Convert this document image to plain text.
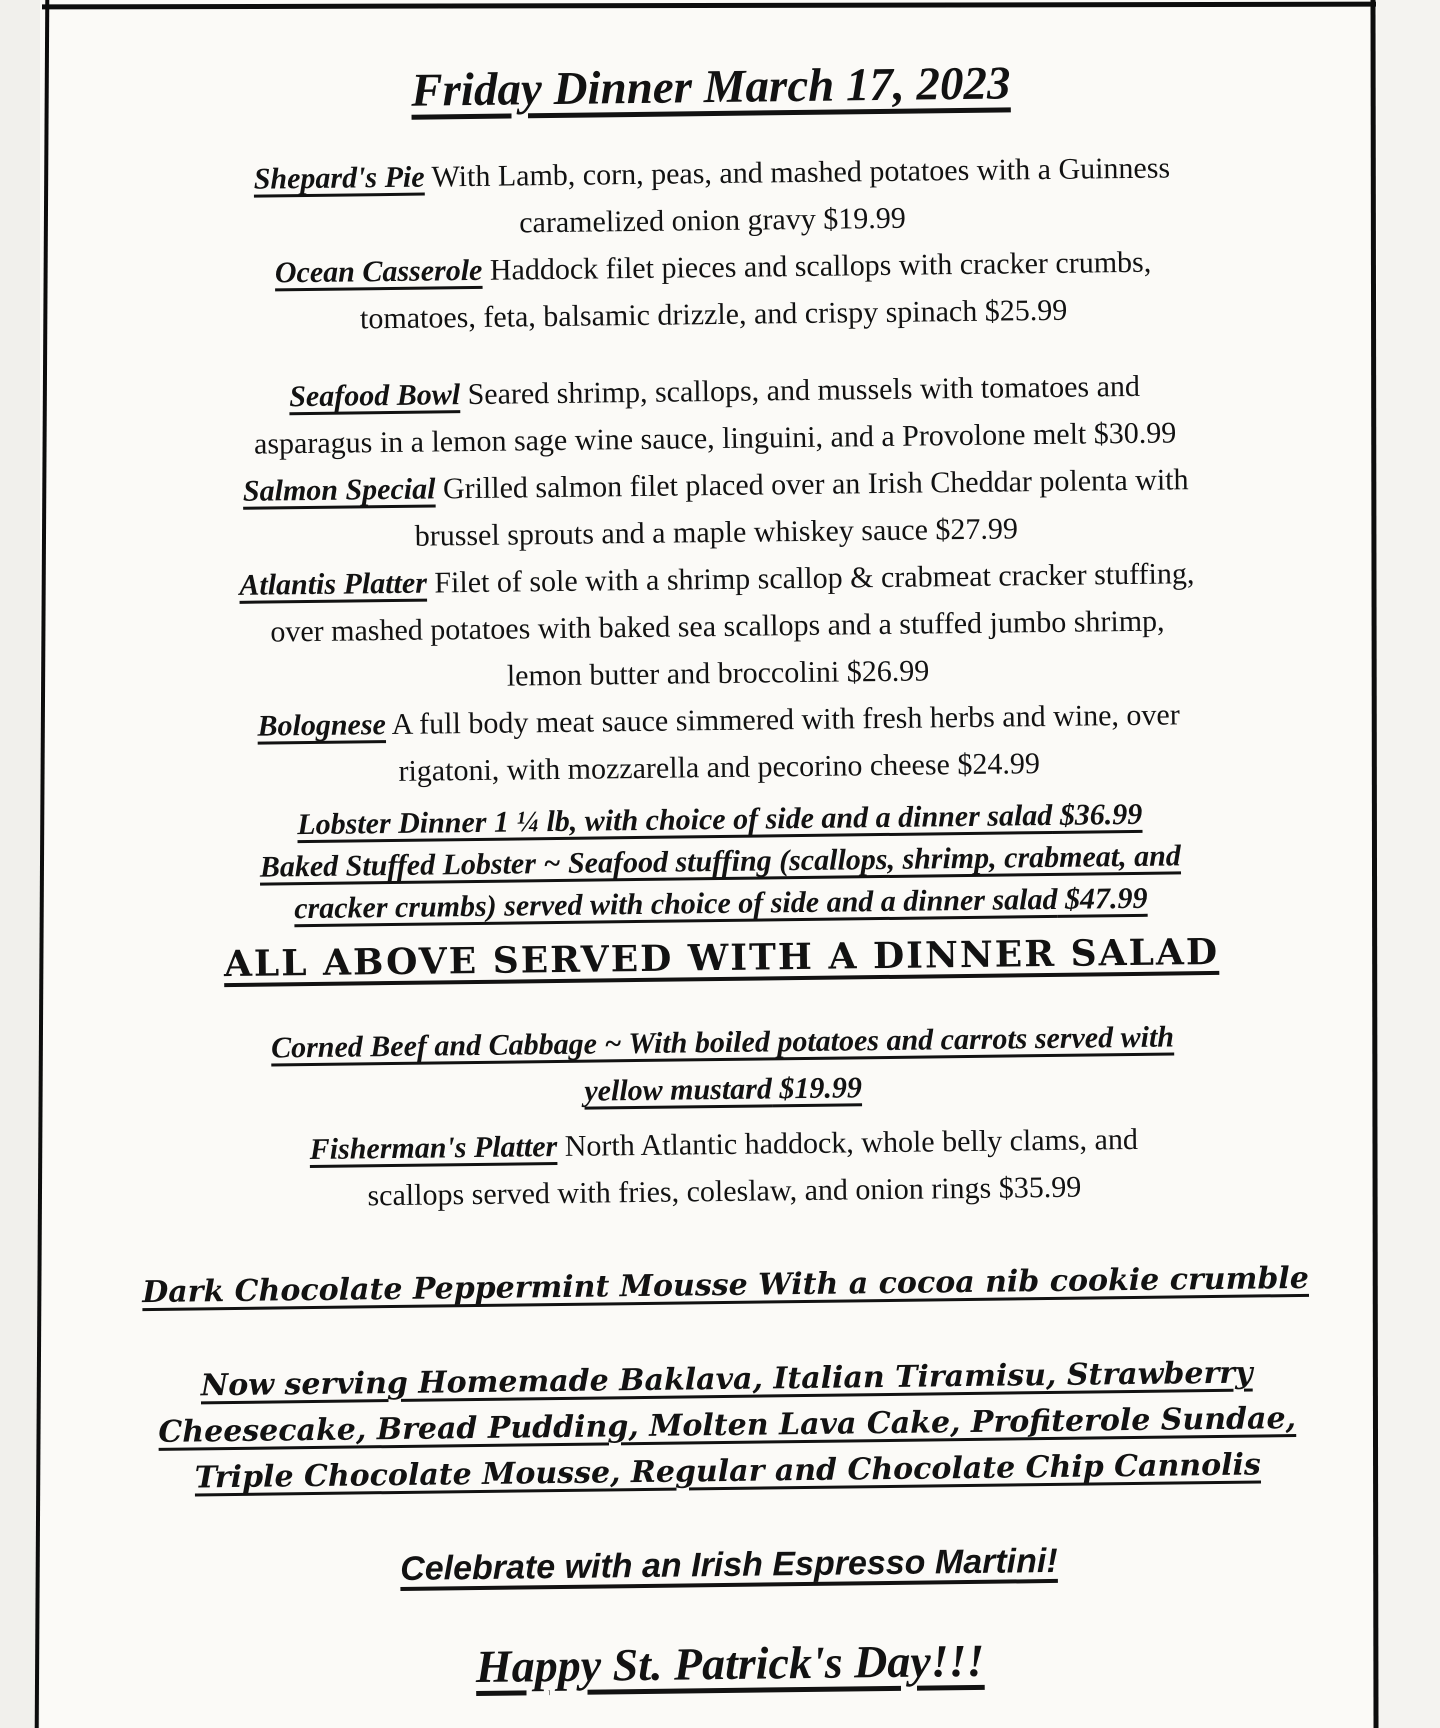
Friday Dinner March 17, 2023

Shepard's Pie With Lamb, corn, peas, and mashed potatoes with a Guinness
caramelized onion gravy $19.99

Ocean Casserole Haddock filet pieces and scallops with cracker crumbs,
tomatoes, feta, balsamic drizzle, and crispy spinach $25.99

Seafood Bowl Seared shrimp, scallops, and mussels with tomatoes and
asparagus in a lemon sage wine sauce, linguini, and a Provolone melt $30.99

Salmon Special Grilled salmon filet placed over an Irish Cheddar polenta with
brussel sprouts and a maple whiskey sauce $27.99

Atlantis Platter Filet of sole with a shrimp scallop & crabmeat cracker stuffing,
over mashed potatoes with baked sea scallops and a stuffed jumbo shrimp,
lemon butter and broccolini $26.99

Bolognese A full body meat sauce simmered with fresh herbs and wine, over
rigatoni, with mozzarella and pecorino cheese $24.99

Lobster Dinner 1 ¼ lb, with choice of side and a dinner salad $36.99

Baked Stuffed Lobster ~ Seafood stuffing (scallops, shrimp, crabmeat, and
cracker crumbs) served with choice of side and a dinner salad $47.99

ALL ABOVE SERVED WITH A DINNER SALAD

Corned Beef and Cabbage ~ With boiled potatoes and carrots served with
yellow mustard $19.99

Fisherman's Platter North Atlantic haddock, whole belly clams, and
scallops served with fries, coleslaw, and onion rings $35.99

Dark Chocolate Peppermint Mousse With a cocoa nib cookie crumble

Now serving Homemade Baklava, Italian Tiramisu, Strawberry
Cheesecake, Bread Pudding, Molten Lava Cake, Profiterole Sundae,
Triple Chocolate Mousse, Regular and Chocolate Chip Cannolis

Celebrate with an Irish Espresso Martini!

Happy St. Patrick's Day!!!
